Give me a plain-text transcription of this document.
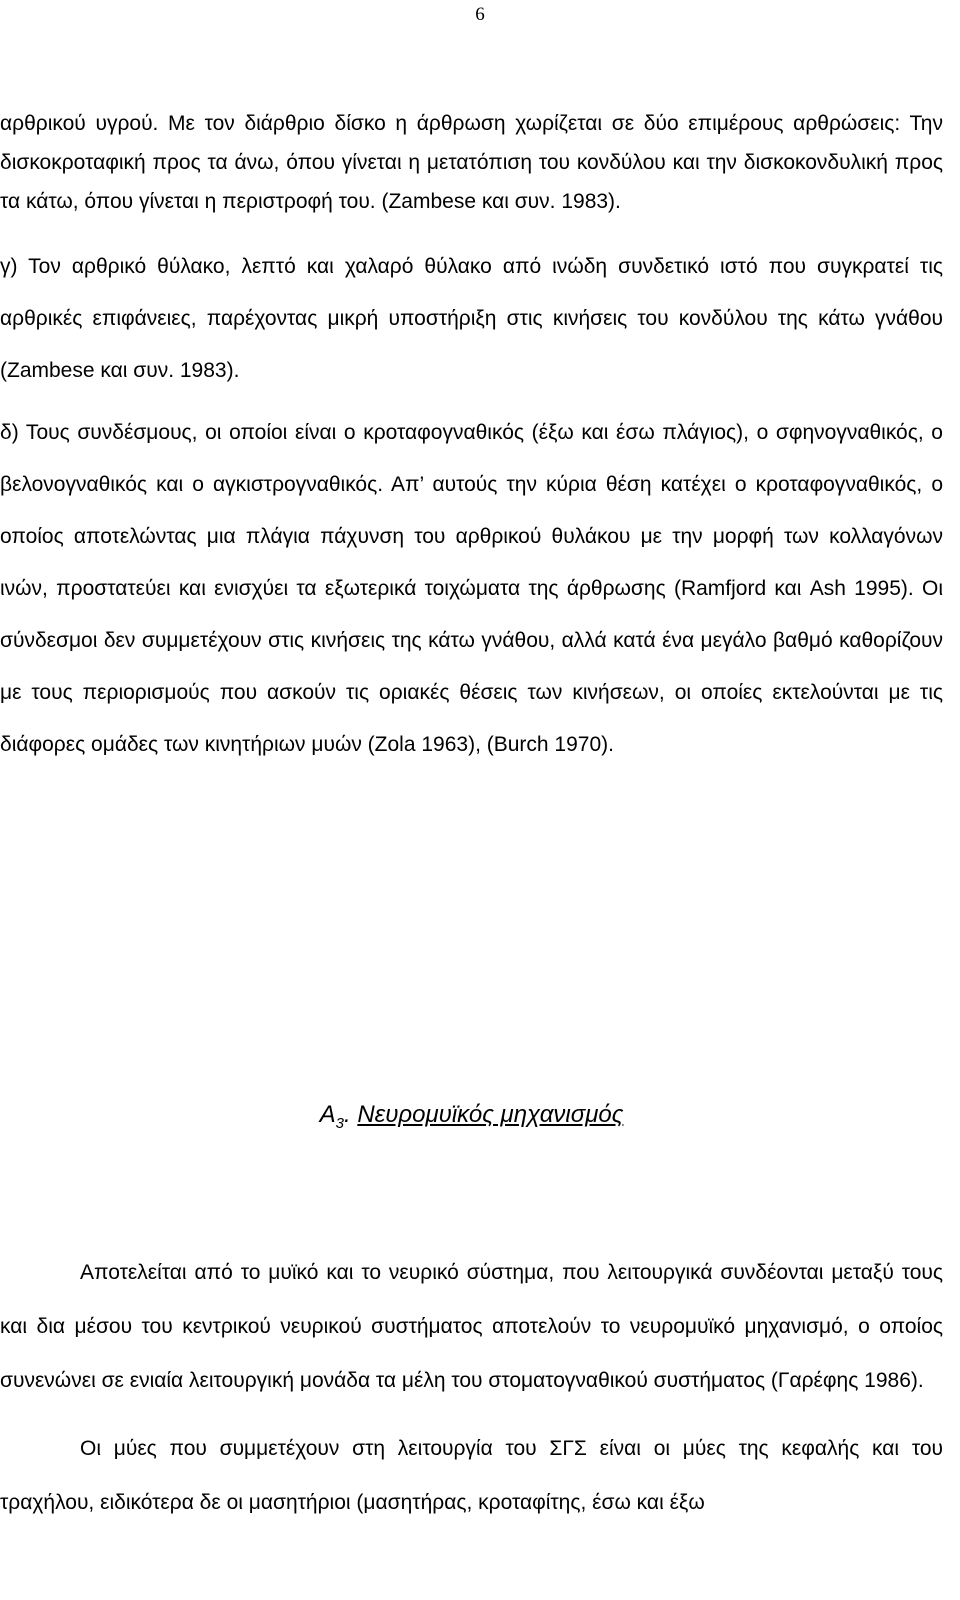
6

αρθρικού υγρού. Με τον διάρθριο δίσκο η άρθρωση χωρίζεται σε δύο επιμέρους αρθρώσεις: Την δισκοκροταφική προς τα άνω, όπου γίνεται η μετατόπιση του κονδύλου και την δισκοκονδυλική προς τα κάτω, όπου γίνεται η περιστροφή του. (Zambese και συν. 1983).

γ) Τον αρθρικό θύλακο, λεπτό και χαλαρό θύλακο από ινώδη συνδετικό ιστό που συγκρατεί τις αρθρικές επιφάνειες, παρέχοντας μικρή υποστήριξη στις κινήσεις του κονδύλου της κάτω γνάθου (Zambese και συν. 1983).

δ) Τους συνδέσμους, οι οποίοι είναι ο κροταφογναθικός (έξω και έσω πλάγιος), ο σφηνογναθικός, ο βελονογναθικός και ο αγκιστρογναθικός. Απ’ αυτούς την κύρια θέση κατέχει ο κροταφογναθικός, ο οποίος αποτελώντας μια πλάγια πάχυνση του αρθρικού θυλάκου με την μορφή των κολλαγόνων ινών, προστατεύει και ενισχύει τα εξωτερικά τοιχώματα της άρθρωσης (Ramfjord και Ash 1995). Οι σύνδεσμοι δεν συμμετέχουν στις κινήσεις της κάτω γνάθου, αλλά κατά ένα μεγάλο βαθμό καθορίζουν με τους περιορισμούς που ασκούν τις οριακές θέσεις των κινήσεων, οι οποίες εκτελούνται με τις διάφορες ομάδες των κινητήριων μυών (Zola 1963), (Burch 1970).

$A_3$. Νευρομυϊκός μηχανισμός

Αποτελείται από το μυϊκό και το νευρικό σύστημα, που λειτουργικά συνδέονται μεταξύ τους και δια μέσου του κεντρικού νευρικού συστήματος αποτελούν το νευρομυϊκό μηχανισμό, ο οποίος συνενώνει σε ενιαία λειτουργική μονάδα τα μέλη του στοματογναθικού συστήματος (Γαρέφης 1986).

Οι μύες που συμμετέχουν στη λειτουργία του ΣΓΣ είναι οι μύες της κεφαλής και του τραχήλου, ειδικότερα δε οι μασητήριοι (μασητήρας, κροταφίτης, έσω και έξω
